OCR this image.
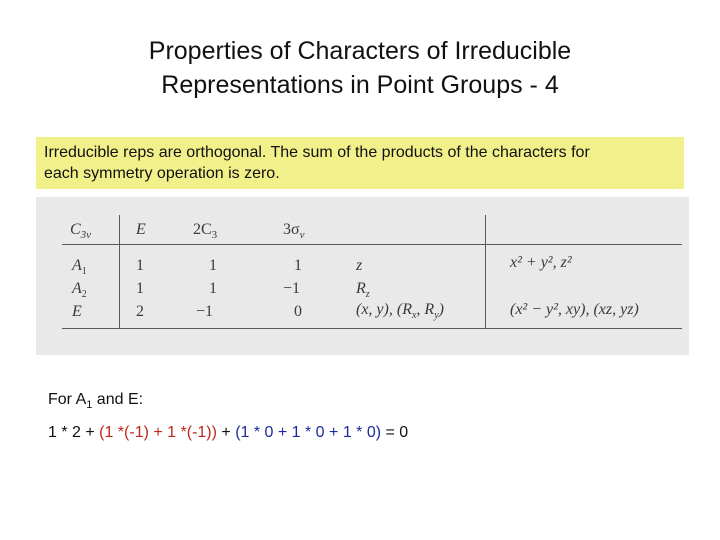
Properties of Characters of Irreducible
Representations in Point Groups - 4
Irreducible reps are orthogonal. The sum of the products of the characters for
each symmetry operation is zero.
$C_{3v}$	E	$2C_3$	$3\sigma_v$
$A_1$	1	1	1	z	x² + y², z²
$A_2$	1	1	−1	$R_z$
E	2	−1	0	(x, y), ($R_x$, $R_y$)	(x² − y², xy), (xz, yz)
For $A_1$ and E:
1 * 2 + (1 *(-1) + 1 *(-1)) + (1 * 0 + 1 * 0 + 1 * 0) = 0
